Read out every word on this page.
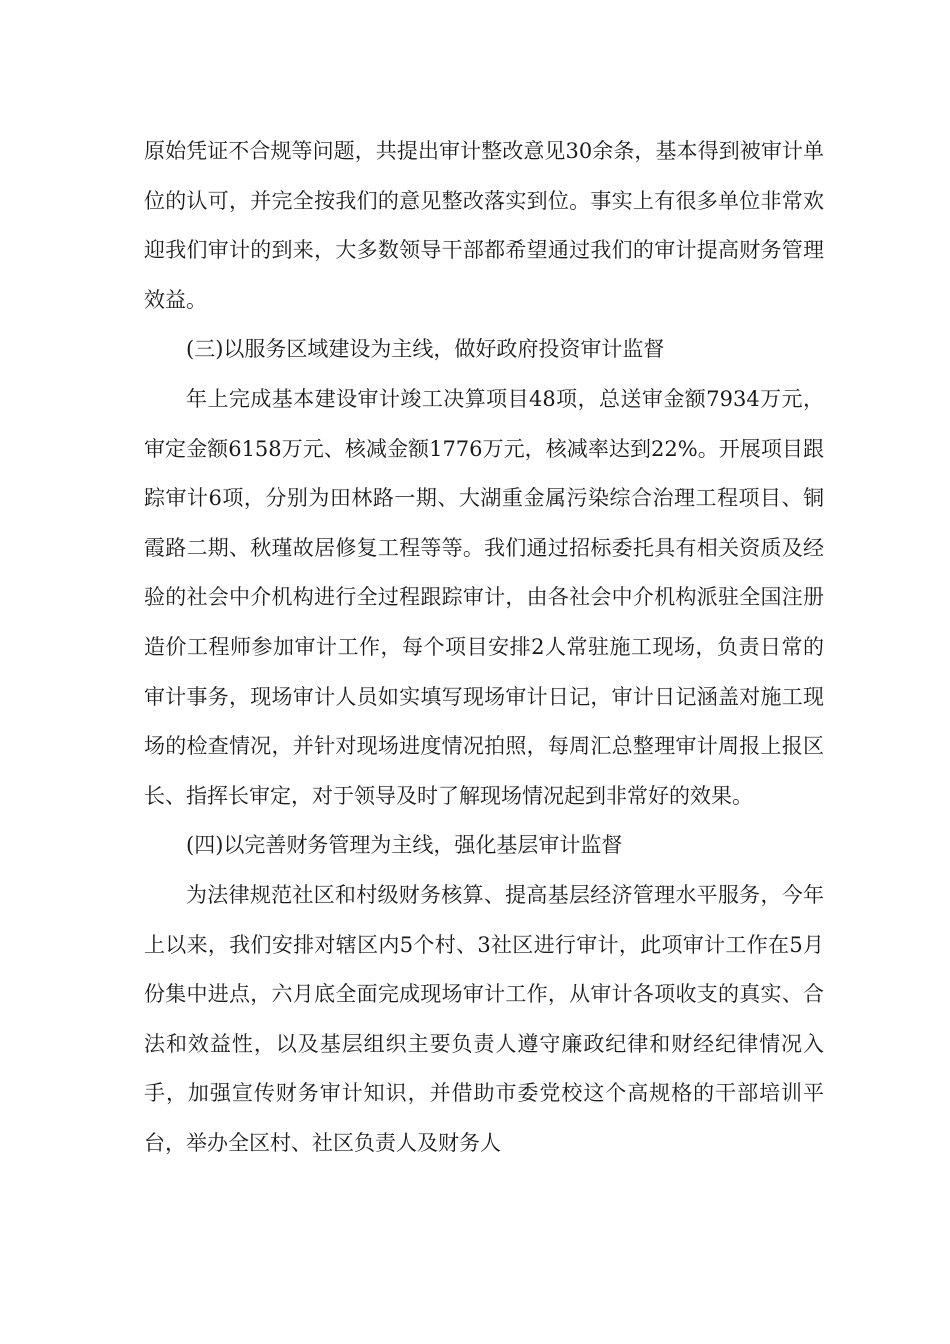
原始凭证不合规等问题，共提出审计整改意见30余条，基本得到被审计单位的认可，并完全按我们的意见整改落实到位。事实上有很多单位非常欢迎我们审计的到来，大多数领导干部都希望通过我们的审计提高财务管理效益。

(三)以服务区域建设为主线，做好政府投资审计监督

年上完成基本建设审计竣工决算项目48项，总送审金额7934万元，审定金额6158万元、核减金额1776万元，核减率达到22%。开展项目跟踪审计6项，分别为田林路一期、大湖重金属污染综合治理工程项目、铜霞路二期、秋瑾故居修复工程等等。我们通过招标委托具有相关资质及经验的社会中介机构进行全过程跟踪审计，由各社会中介机构派驻全国注册造价工程师参加审计工作，每个项目安排2人常驻施工现场，负责日常的审计事务，现场审计人员如实填写现场审计日记，审计日记涵盖对施工现场的检查情况，并针对现场进度情况拍照，每周汇总整理审计周报上报区长、指挥长审定，对于领导及时了解现场情况起到非常好的效果。

(四)以完善财务管理为主线，强化基层审计监督

为法律规范社区和村级财务核算、提高基层经济管理水平服务，今年上以来，我们安排对辖区内5个村、3社区进行审计，此项审计工作在5月份集中进点，六月底全面完成现场审计工作，从审计各项收支的真实、合法和效益性，以及基层组织主要负责人遵守廉政纪律和财经纪律情况入手，加强宣传财务审计知识，并借助市委党校这个高规格的干部培训平台，举办全区村、社区负责人及财务人
